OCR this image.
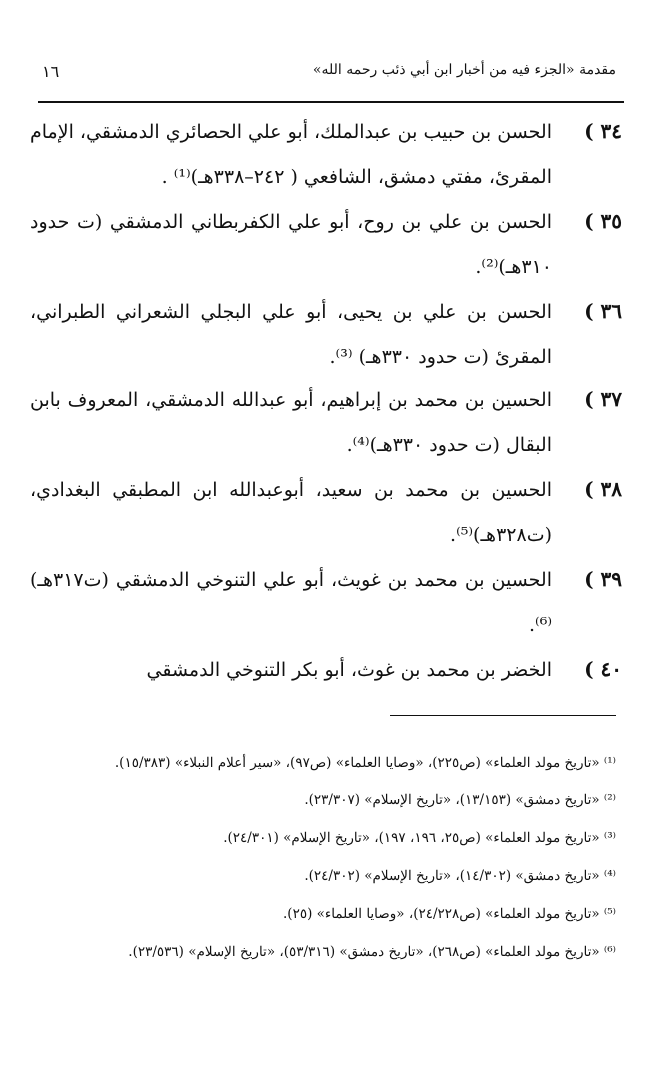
١٦	مقدمة «الجزء فيه من أخبار ابن أبي ذئب رحمه الله»
٣٤ )
الحسن بن حبيب بن عبدالملك، أبو علي الحصائري الدمشقي، الإمام المقرئ، مفتي دمشق، الشافعي ( ٢٤٢–٣٣٨هـ)⁽¹⁾ .
٣٥ )
الحسن بن علي بن روح، أبو علي الكفربطاني الدمشقي (ت حدود ٣١٠هـ)⁽²⁾.
٣٦ )
الحسن بن علي بن يحيى، أبو علي البجلي الشعراني الطبراني، المقرئ (ت حدود ٣٣٠هـ) ⁽³⁾.
٣٧ )
الحسين بن محمد بن إبراهيم، أبو عبدالله الدمشقي، المعروف بابن البقال (ت حدود ٣٣٠هـ)⁽⁴⁾.
٣٨ )
الحسين بن محمد بن سعيد، أبوعبدالله ابن المطبقي البغدادي، (ت٣٢٨هـ)⁽⁵⁾.
٣٩ )
الحسين بن محمد بن غويث، أبو علي التنوخي الدمشقي (ت٣١٧هـ)⁽⁶⁾.
٤٠ )
الخضر بن محمد بن غوث، أبو بكر التنوخي الدمشقي
⁽¹⁾ «تاريخ مولد العلماء» (ص٢٢٥)، «وصايا العلماء» (ص٩٧)، «سير أعلام النبلاء» (١٥/٣٨٣).
⁽²⁾ «تاريخ دمشق» (١٣/١٥٣)، «تاريخ الإسلام» (٢٣/٣٠٧).
⁽³⁾ «تاريخ مولد العلماء» (ص٢٥، ١٩٦، ١٩٧)، «تاريخ الإسلام» (٢٤/٣٠١).
⁽⁴⁾ «تاريخ دمشق» (١٤/٣٠٢)، «تاريخ الإسلام» (٢٤/٣٠٢).
⁽⁵⁾ «تاريخ مولد العلماء» (ص٢٤/٢٢٨)، «وصايا العلماء» (٢٥).
⁽⁶⁾ «تاريخ مولد العلماء» (ص٢٦٨)، «تاريخ دمشق» (٥٣/٣١٦)، «تاريخ الإسلام» (٢٣/٥٣٦).
